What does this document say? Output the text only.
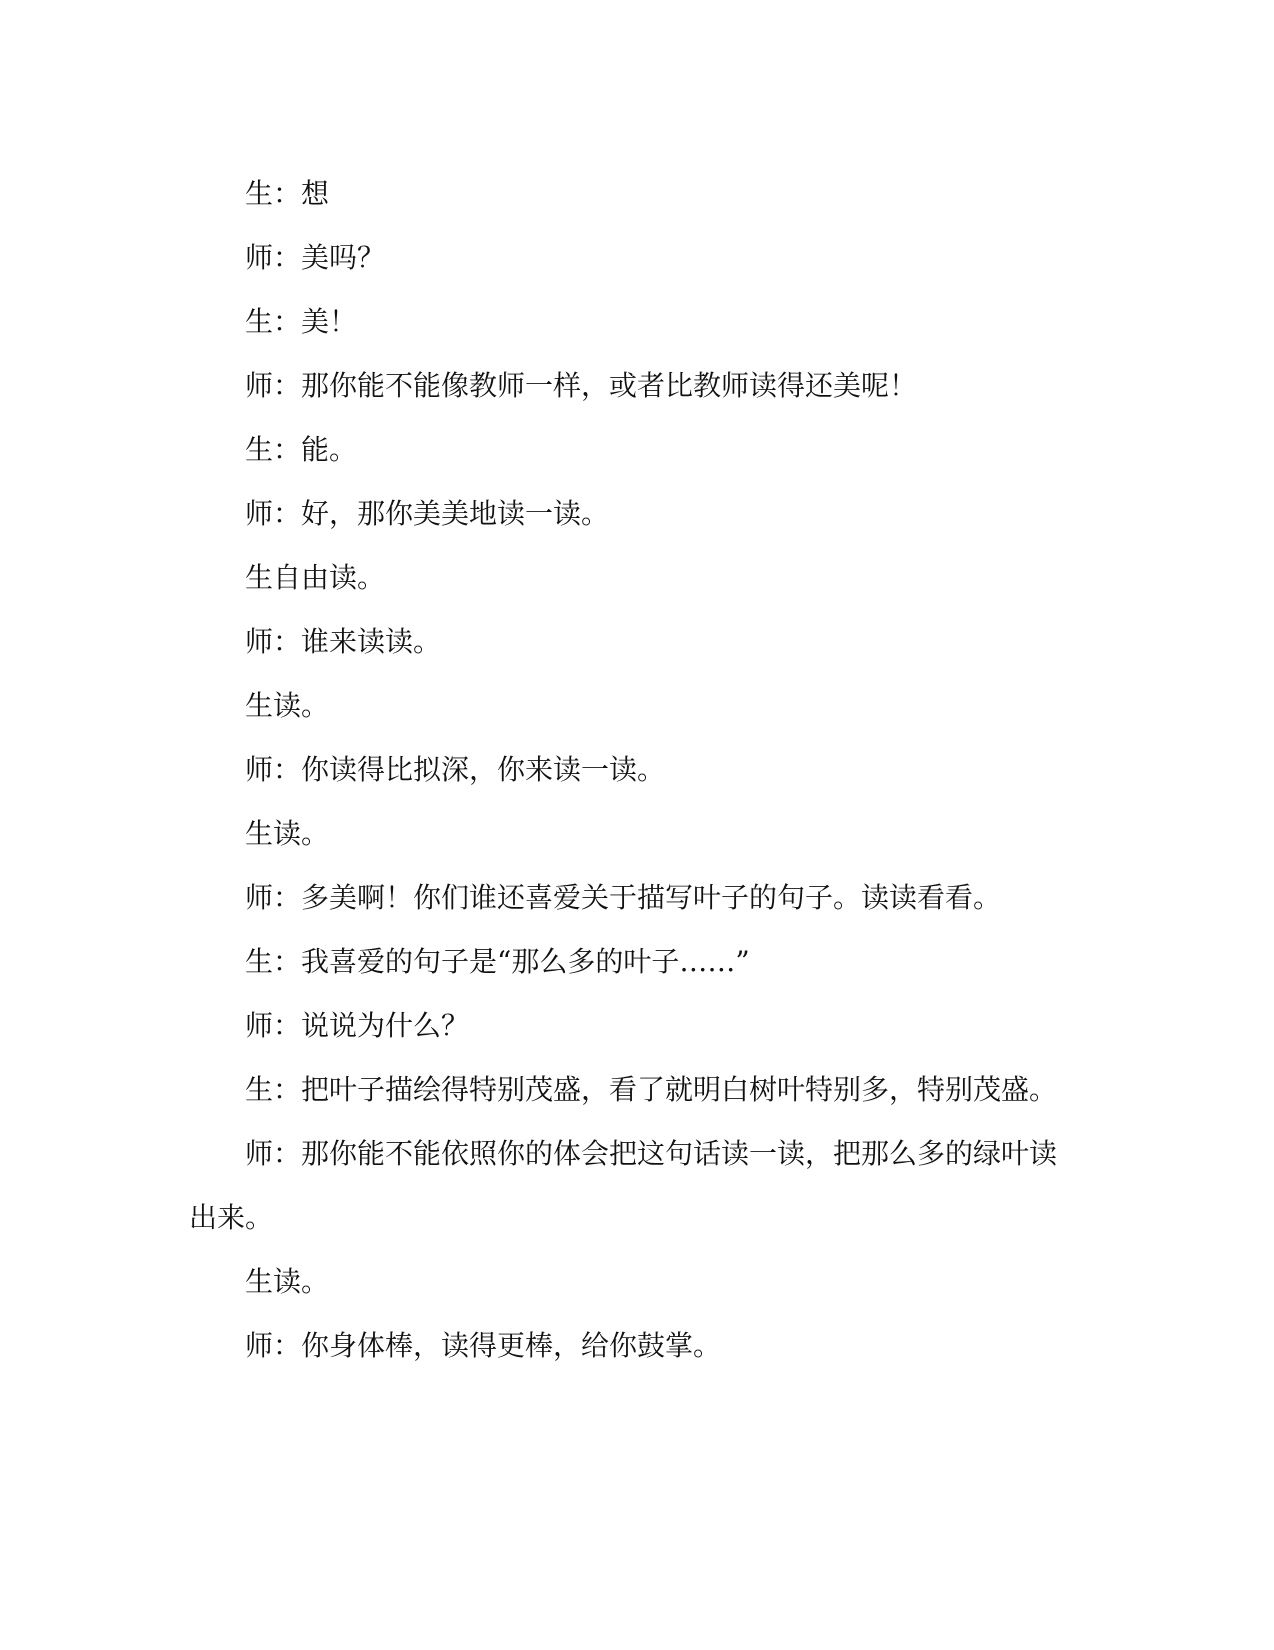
生：想

师：美吗？

生：美！

师：那你能不能像教师一样，或者比教师读得还美呢！

生：能。

师：好，那你美美地读一读。

生自由读。

师：谁来读读。

生读。

师：你读得比拟深，你来读一读。

生读。

师：多美啊！你们谁还喜爱关于描写叶子的句子。读读看看。

生：我喜爱的句子是“那么多的叶子……”

师：说说为什么？

生：把叶子描绘得特别茂盛，看了就明白树叶特别多，特别茂盛。

师：那你能不能依照你的体会把这句话读一读，把那么多的绿叶读出来。

生读。

师：你身体棒，读得更棒，给你鼓掌。
